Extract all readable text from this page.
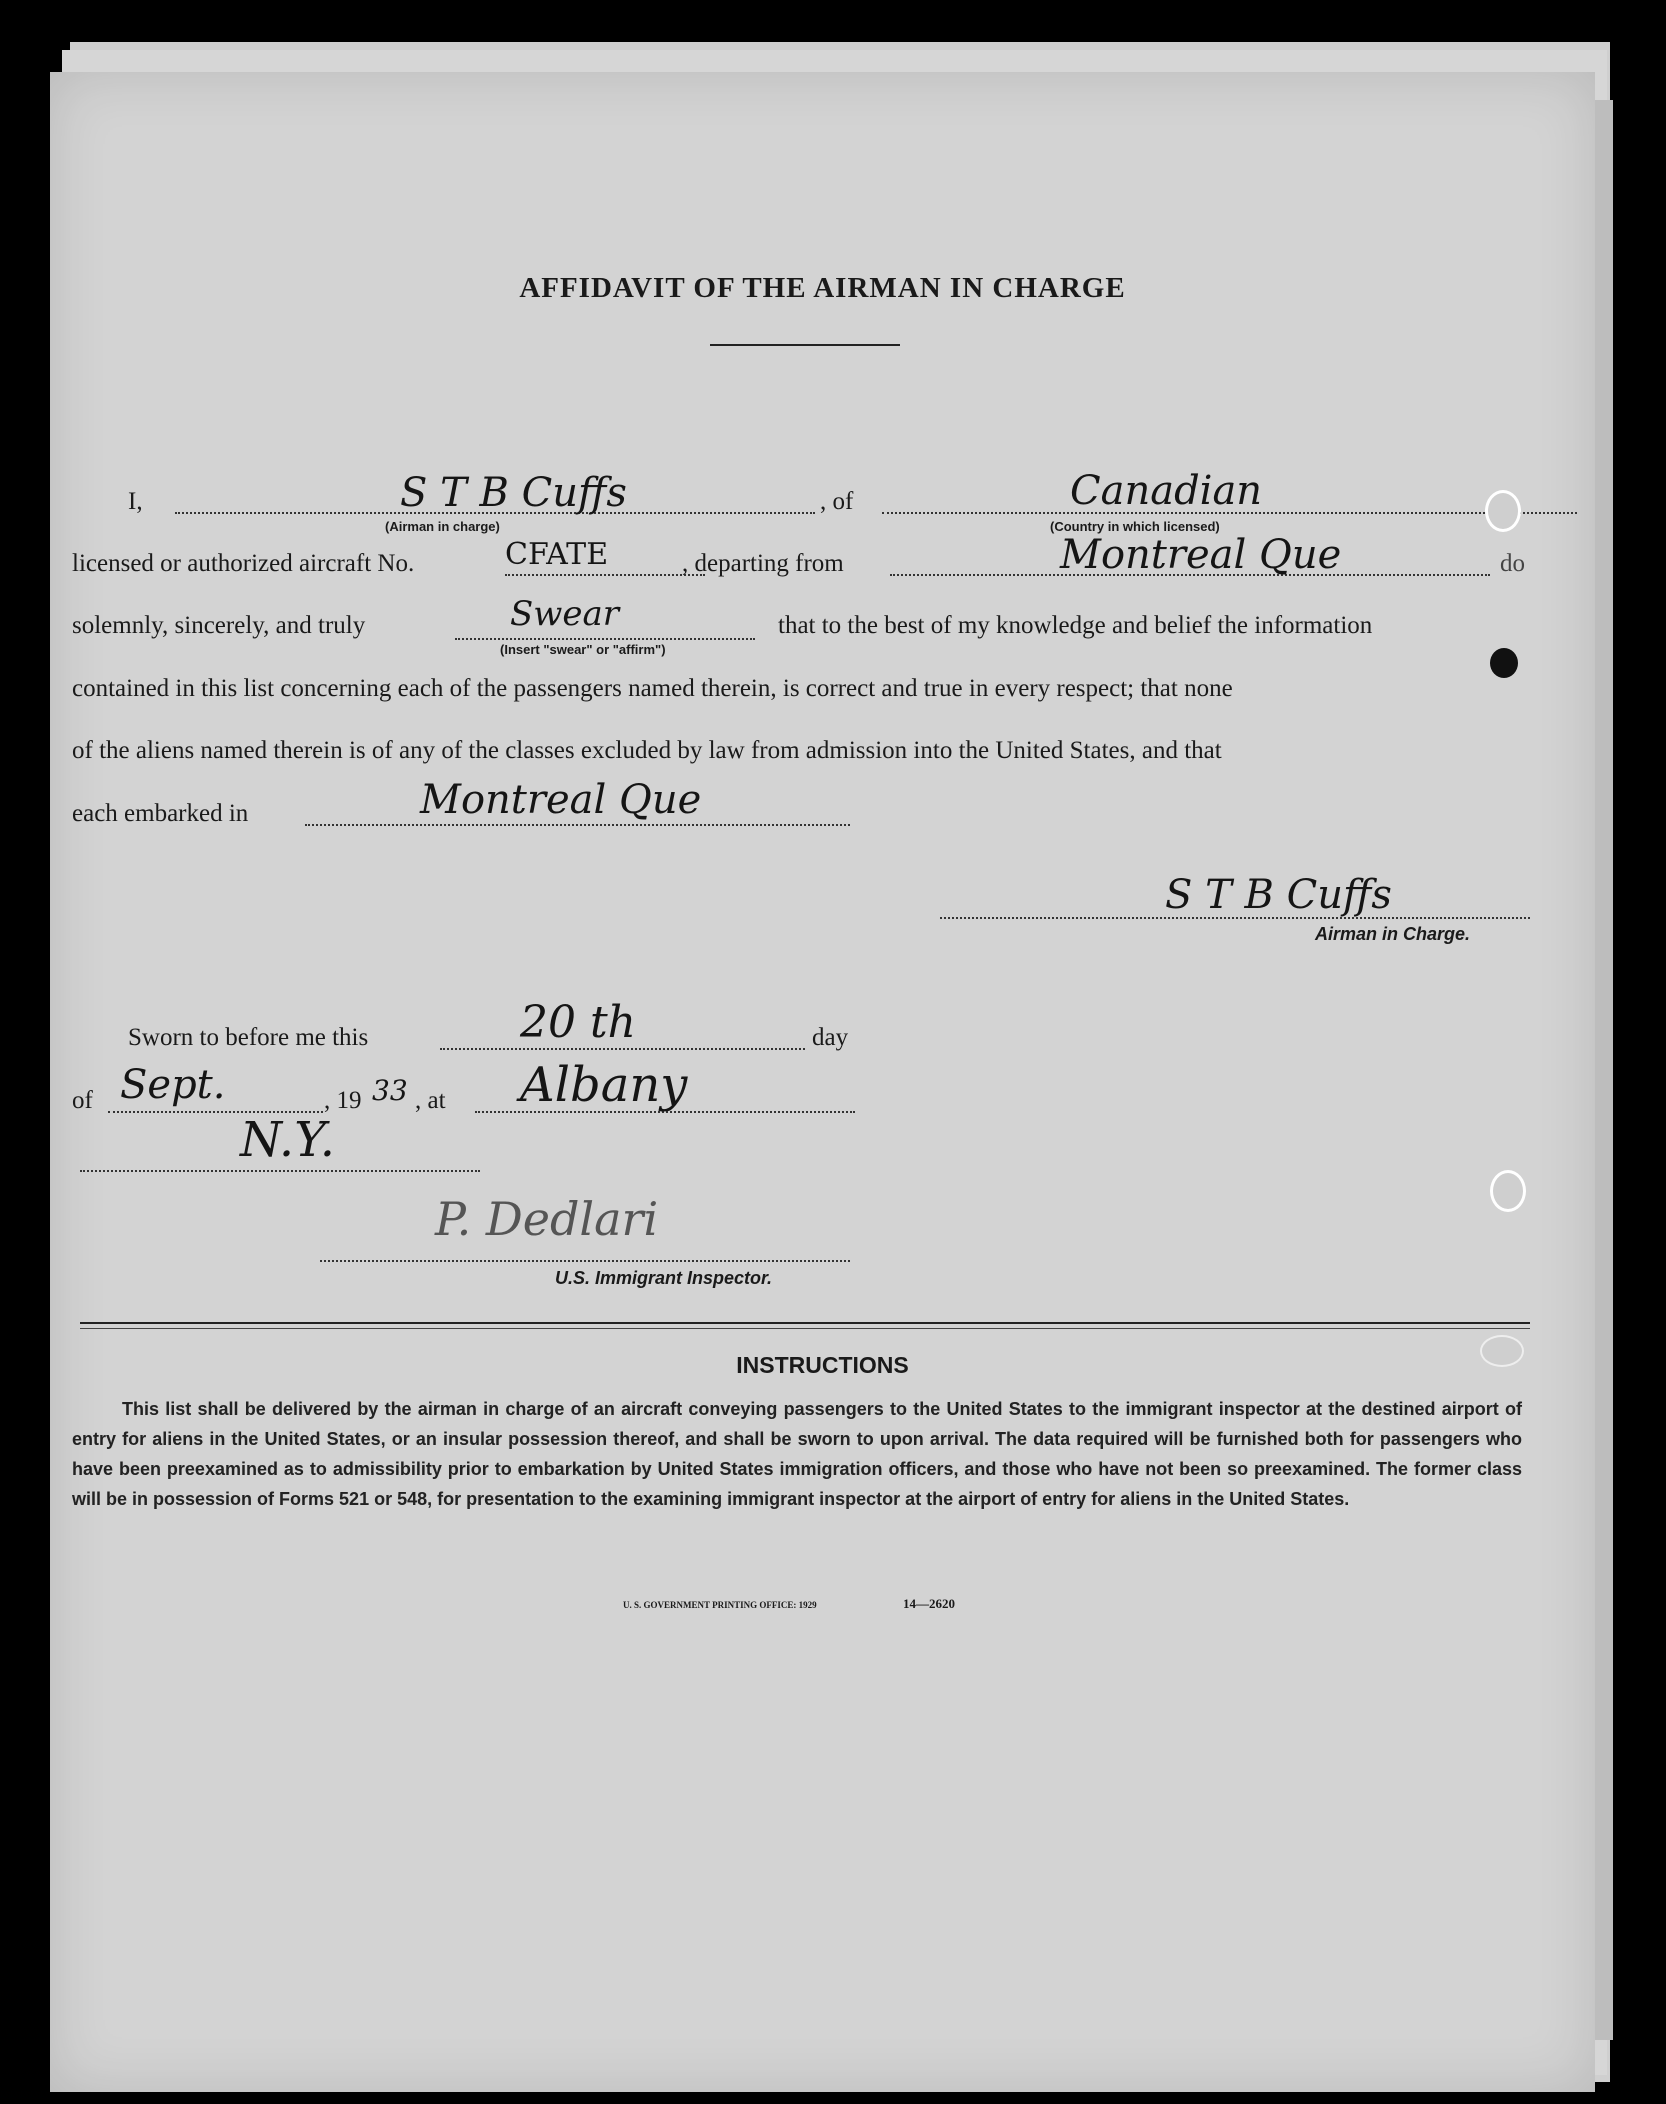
AFFIDAVIT OF THE AIRMAN IN CHARGE
I,	S T B Cuffs
(Airman in charge)
, of	Canadian
(Country in which licensed)
licensed or authorized aircraft No.	CFATE	, departing from	Montreal Que	do
solemnly, sincerely, and truly	Swear
(Insert "swear" or "affirm")
that to the best of my knowledge and belief the information
contained in this list concerning each of the passengers named therein, is correct and true in every respect; that none
of the aliens named therein is of any of the classes excluded by law from admission into the United States, and that
each embarked in	Montreal Que
S T B Cuffs
Airman in Charge.
Sworn to before me this	20 th	day
of Sept.	, 19 33 , at Albany
N.Y.
P. Dedlari
U.S. Immigrant Inspector.
INSTRUCTIONS
This list shall be delivered by the airman in charge of an aircraft conveying passengers to the United States to the immigrant inspector at the destined airport of entry for aliens in the United States, or an insular possession thereof, and shall be sworn to upon arrival. The data required will be furnished both for passengers who have been preexamined as to admissibility prior to embarkation by United States immigration officers, and those who have not been so preexamined. The former class will be in possession of Forms 521 or 548, for presentation to the examining immigrant inspector at the airport of entry for aliens in the United States.
U. S. GOVERNMENT PRINTING OFFICE: 1929	14—2620
